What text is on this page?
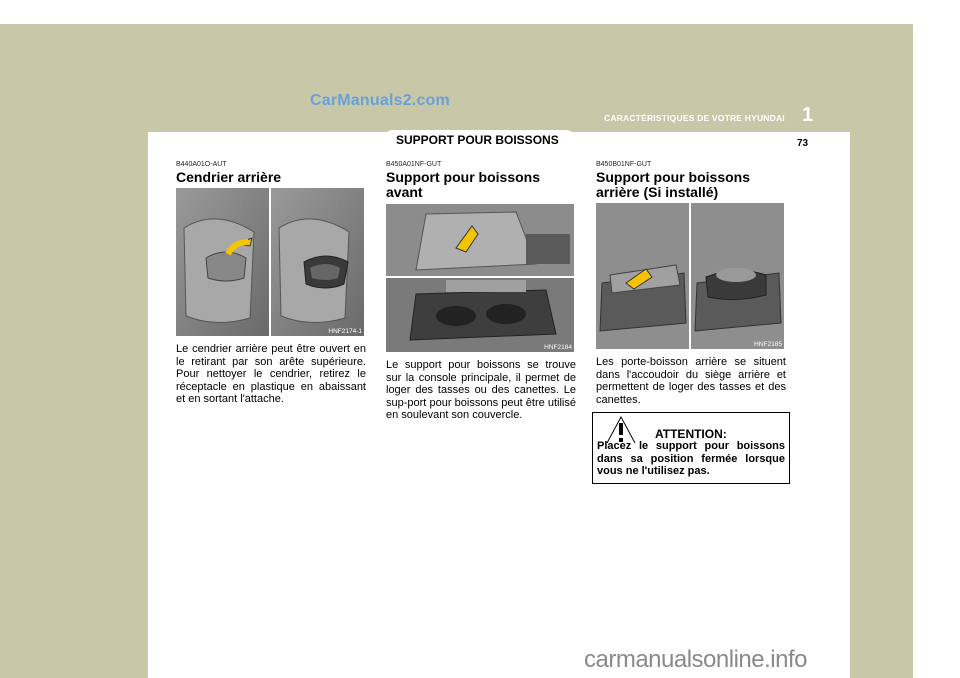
CarManuals2.com
CARACTÉRISTIQUES DE VOTRE HYUNDAI 1
73
SUPPORT POUR BOISSONS
B440A01O-AUT
Cendrier arrière
HNF2174-1
Le cendrier arrière peut être ouvert en le retirant par son arête supérieure. Pour nettoyer le cendrier, retirez le réceptacle en plastique en abaissant et en sortant l'attache.
B450A01NF-GUT
Support pour boissons avant
HNF2184
Le support pour boissons se trouve sur la console principale, il permet de loger des tasses ou des canettes. Le sup-port pour boissons peut être utilisé en soulevant son couvercle.
B450B01NF-GUT
Support pour boissons arrière (Si installé)
HNF2185
Les porte-boisson arrière se situent dans l'accoudoir du siège arrière et permettent de loger des tasses et des canettes.
ATTENTION:
Placez le support pour boissons dans sa position fermée lorsque vous ne l'utilisez pas.
carmanualsonline.info
